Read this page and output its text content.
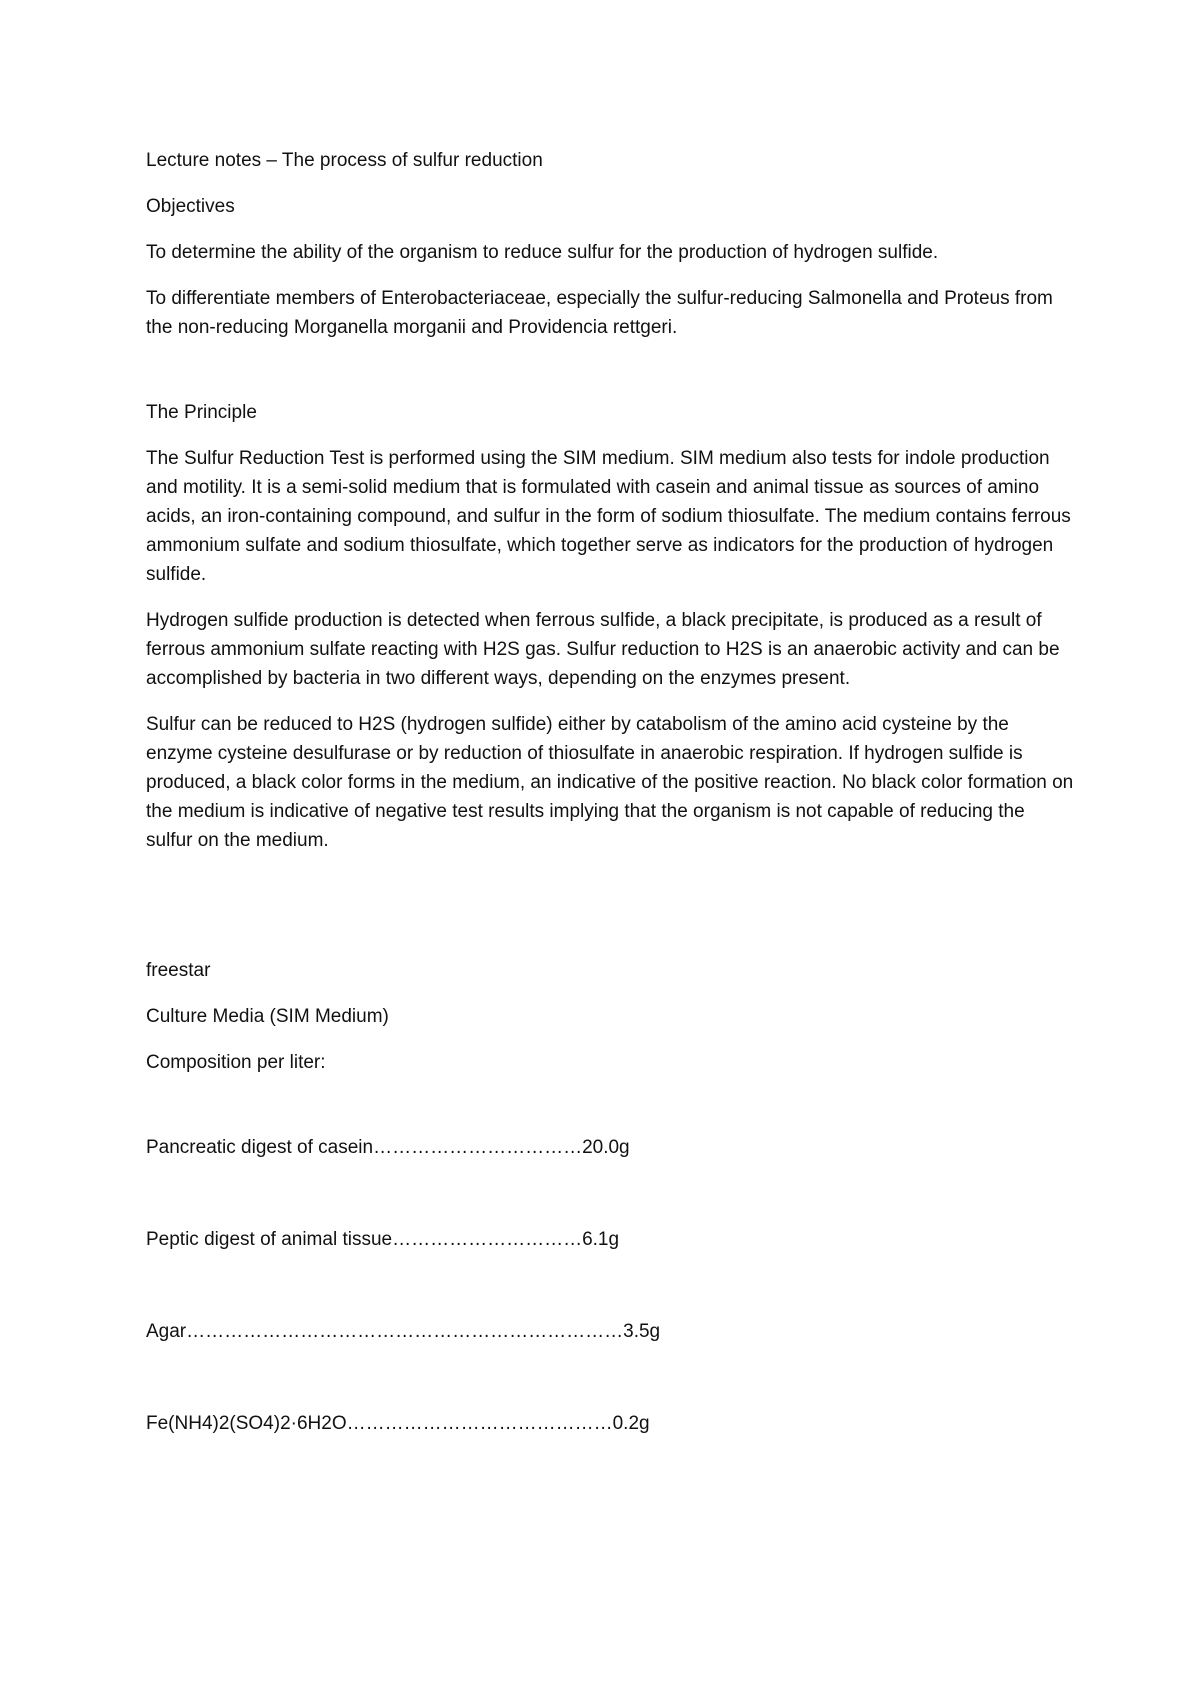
Lecture notes – The process of sulfur reduction

Objectives

To determine the ability of the organism to reduce sulfur for the production of hydrogen sulfide.

To differentiate members of Enterobacteriaceae, especially the sulfur-reducing Salmonella and Proteus from the non-reducing Morganella morganii and Providencia rettgeri.

The Principle

The Sulfur Reduction Test is performed using the SIM medium. SIM medium also tests for indole production and motility. It is a semi-solid medium that is formulated with casein and animal tissue as sources of amino acids, an iron-containing compound, and sulfur in the form of sodium thiosulfate. The medium contains ferrous ammonium sulfate and sodium thiosulfate, which together serve as indicators for the production of hydrogen sulfide.

Hydrogen sulfide production is detected when ferrous sulfide, a black precipitate, is produced as a result of ferrous ammonium sulfate reacting with H2S gas. Sulfur reduction to H2S is an anaerobic activity and can be accomplished by bacteria in two different ways, depending on the enzymes present.

Sulfur can be reduced to H2S (hydrogen sulfide) either by catabolism of the amino acid cysteine by the enzyme cysteine desulfurase or by reduction of thiosulfate in anaerobic respiration. If hydrogen sulfide is produced, a black color forms in the medium, an indicative of the positive reaction. No black color formation on the medium is indicative of negative test results implying that the organism is not capable of reducing the sulfur on the medium.

freestar

Culture Media (SIM Medium)

Composition per liter:

Pancreatic digest of casein……………………………20.0g

Peptic digest of animal tissue…………………………6.1g

Agar……………………………………………………………3.5g

Fe(NH4)2(SO4)2·6H2O……………………………………0.2g
